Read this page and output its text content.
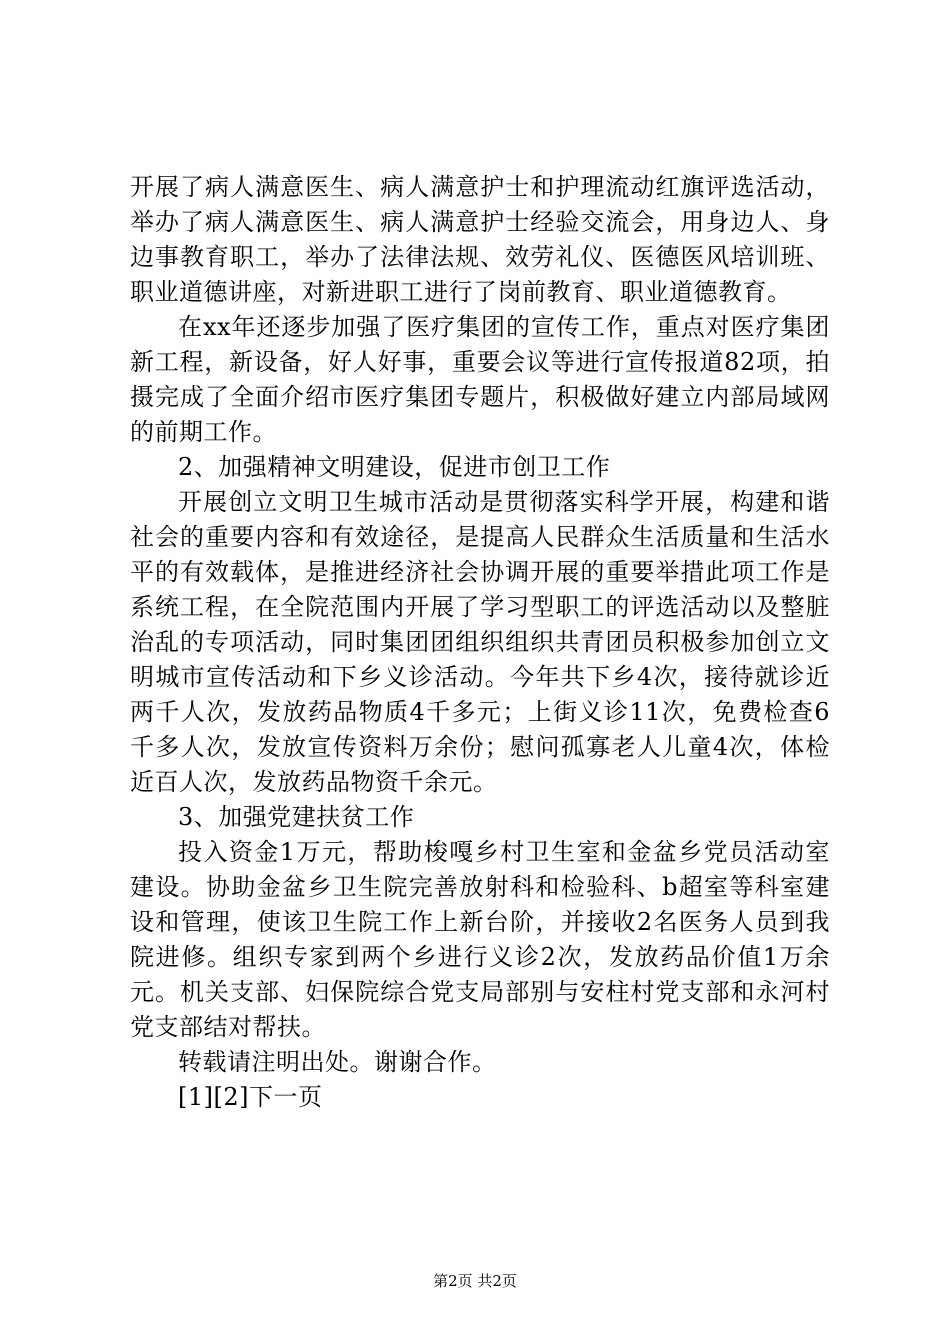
开展了病人满意医生、病人满意护士和护理流动红旗评选活动，举办了病人满意医生、病人满意护士经验交流会，用身边人、身边事教育职工，举办了法律法规、效劳礼仪、医德医风培训班、职业道德讲座，对新进职工进行了岗前教育、职业道德教育。

在xx年还逐步加强了医疗集团的宣传工作，重点对医疗集团新工程，新设备，好人好事，重要会议等进行宣传报道82项，拍摄完成了全面介绍市医疗集团专题片，积极做好建立内部局域网的前期工作。

2、加强精神文明建设，促进市创卫工作

开展创立文明卫生城市活动是贯彻落实科学开展，构建和谐社会的重要内容和有效途径，是提高人民群众生活质量和生活水平的有效载体，是推进经济社会协调开展的重要举措此项工作是系统工程，在全院范围内开展了学习型职工的评选活动以及整脏治乱的专项活动，同时集团团组织组织共青团员积极参加创立文明城市宣传活动和下乡义诊活动。今年共下乡4次，接待就诊近两千人次，发放药品物质4千多元；上街义诊11次，免费检查6千多人次，发放宣传资料万余份；慰问孤寡老人儿童4次，体检近百人次，发放药品物资千余元。

3、加强党建扶贫工作

投入资金1万元，帮助梭嘎乡村卫生室和金盆乡党员活动室建设。协助金盆乡卫生院完善放射科和检验科、b超室等科室建设和管理，使该卫生院工作上新台阶，并接收2名医务人员到我院进修。组织专家到两个乡进行义诊2次，发放药品价值1万余元。机关支部、妇保院综合党支局部别与安柱村党支部和永河村党支部结对帮扶。

转载请注明出处。谢谢合作。

[1][2]下一页

第2页 共2页
